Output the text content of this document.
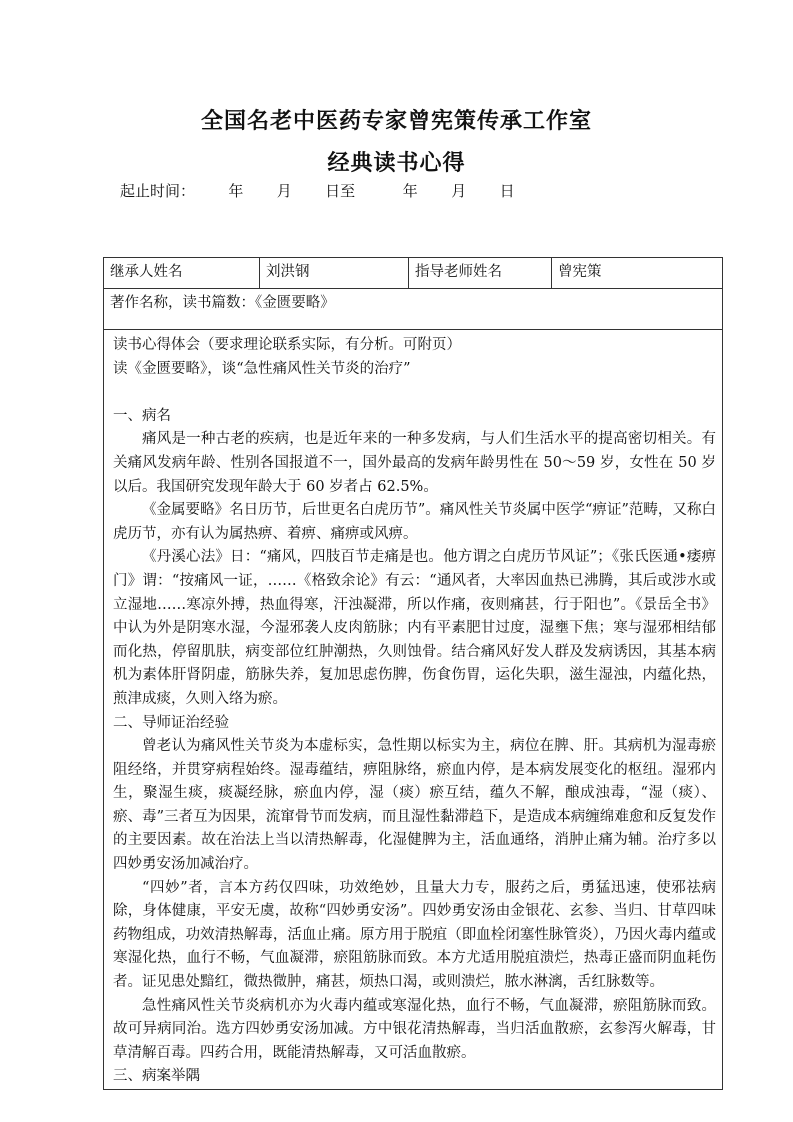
全国名老中医药专家曾宪策传承工作室
经典读书心得

起止时间：       年       月       日至          年       月       日

继承人姓名	刘洪钢	指导老师姓名	曾宪策
著作名称，读书篇数：《金匮要略》

读书心得体会（要求理论联系实际，有分析。可附页）

读《金匮要略》，谈“急性痛风性关节炎的治疗”

一、病名

痛风是一种古老的疾病，也是近年来的一种多发病，与人们生活水平的提高密切相关。有关痛风发病年龄、性别各国报道不一，国外最高的发病年龄男性在 50～59 岁，女性在 50 岁以后。我国研究发现年龄大于 60 岁者占 62.5%。

《金属要略》名日历节，后世更名白虎历节”。痛风性关节炎属中医学“痹证”范畴，又称白虎历节，亦有认为属热痹、着痹、痛痹或风痹。

《丹溪心法》日：“痛风，四肢百节走痛是也。他方谓之白虎历节风证”；《张氏医通•痿痹门》谓：“按痛风一证，……《格致余论》有云：“通风者，大率因血热已沸腾，其后或涉水或立湿地……寒凉外搏，热血得寒，汗浊凝滞，所以作痛，夜则痛甚，行于阳也”。《景岳全书》中认为外是阴寒水湿，今湿邪袭人皮肉筋脉；内有平素肥甘过度，湿壅下焦；寒与湿邪相结郁而化热，停留肌肤，病变部位红肿潮热，久则蚀骨。结合痛风好发人群及发病诱因，其基本病机为素体肝肾阴虚，筋脉失养，复加思虑伤脾，伤食伤胃，运化失职，滋生湿浊，内蕴化热，煎津成痰，久则入络为瘀。

二、导师证治经验

曾老认为痛风性关节炎为本虚标实，急性期以标实为主，病位在脾、肝。其病机为湿毒瘀阻经络，并贯穿病程始终。湿毒蕴结，痹阻脉络，瘀血内停，是本病发展变化的枢纽。湿邪内生，聚湿生痰，痰凝经脉，瘀血内停，湿（痰）瘀互结，蕴久不解，酿成浊毒，“湿（痰）、瘀、毒”三者互为因果，流窜骨节而发病，而且湿性黏滞趋下，是造成本病缠绵难愈和反复发作的主要因素。故在治法上当以清热解毒，化湿健脾为主，活血通络，消肿止痛为辅。治疗多以四妙勇安汤加减治疗。

“四妙”者，言本方药仅四味，功效绝妙，且量大力专，服药之后，勇猛迅速，使邪祛病除，身体健康，平安无虞，故称“四妙勇安汤”。四妙勇安汤由金银花、玄参、当归、甘草四味药物组成，功效清热解毒，活血止痛。原方用于脱疽（即血栓闭塞性脉管炎），乃因火毒内蕴或寒湿化热，血行不畅，气血凝滞，瘀阻筋脉而致。本方尤适用脱疽溃烂，热毒正盛而阴血耗伤者。证见患处黯红，微热微肿，痛甚，烦热口渴，或则溃烂，脓水淋漓，舌红脉数等。

急性痛风性关节炎病机亦为火毒内蕴或寒湿化热，血行不畅，气血凝滞，瘀阻筋脉而致。故可异病同治。选方四妙勇安汤加减。方中银花清热解毒，当归活血散瘀，玄参泻火解毒，甘草清解百毒。四药合用，既能清热解毒，又可活血散瘀。

三、病案举隅
